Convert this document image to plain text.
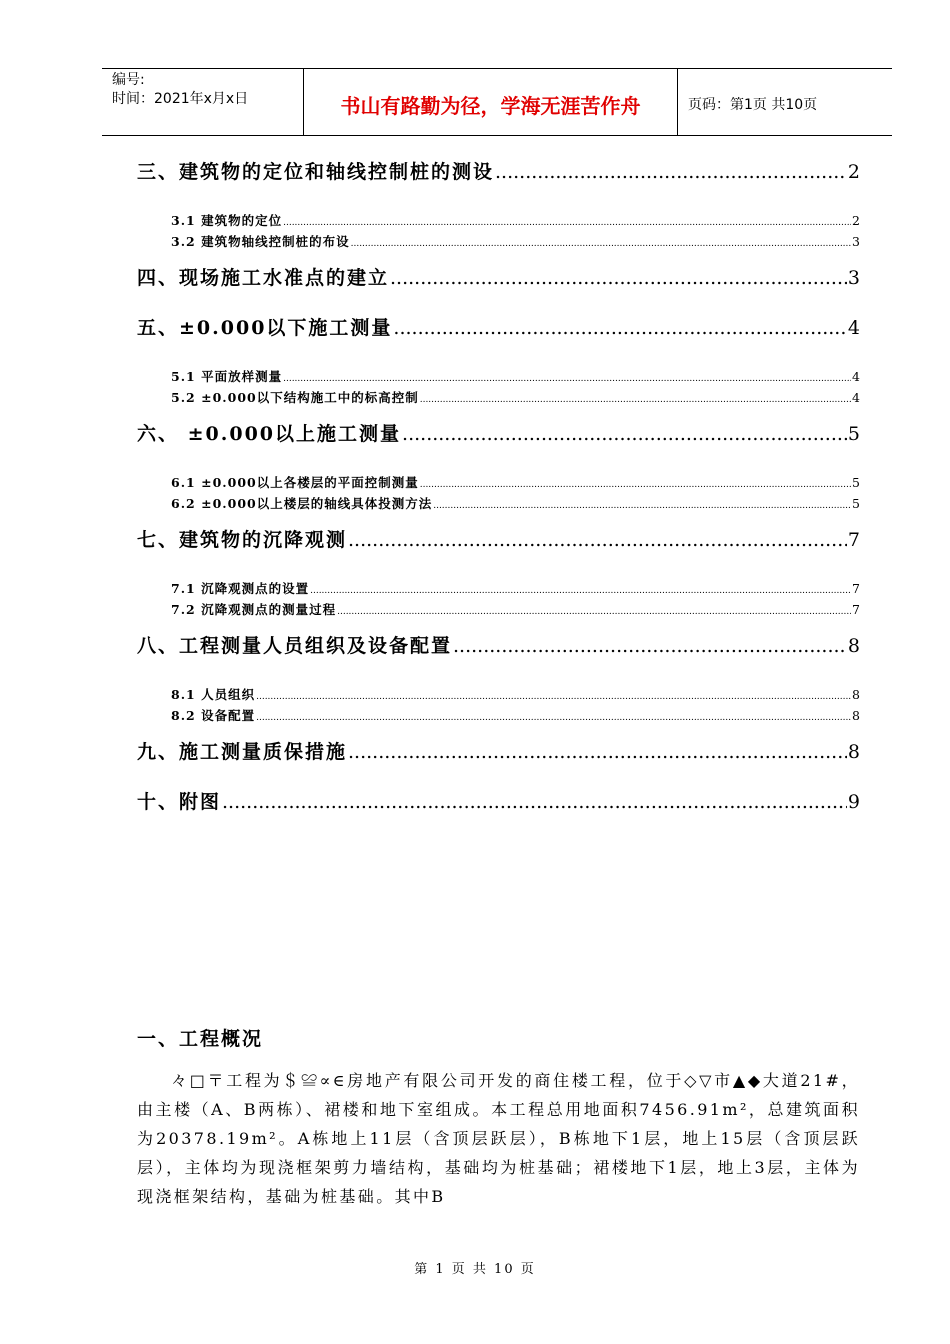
编号:
时间：2021年x月x日	书山有路勤为径，学海无涯苦作舟	页码：第1页 共10页
三、建筑物的定位和轴线控制桩的测设 .....	2
3.1 建筑物的定位 .....	2
3.2 建筑物轴线控制桩的布设 .....	3
四、现场施工水准点的建立 .....	3
五、±0.000以下施工测量 .....	4
5.1 平面放样测量 .....	4
5.2 ±0.000以下结构施工中的标高控制 .....	4
六、 ±0.000以上施工测量 .....	5
6.1 ±0.000以上各楼层的平面控制测量 .....	5
6.2 ±0.000以上楼层的轴线具体投测方法 .....	5
七、建筑物的沉降观测 .....	7
7.1 沉降观测点的设置 .....	7
7.2 沉降观测点的测量过程 .....	7
八、工程测量人员组织及设备配置 .....	8
8.1 人员组织 .....	8
8.2 设备配置 .....	8
九、施工测量质保措施 .....	8
十、附图 .....	9
一、工程概况

々□〒工程为＄≌∝∈房地产有限公司开发的商住楼工程，位于◇▽市▲◆大道21#，由主楼（A、B两栋）、裙楼和地下室组成。本工程总用地面积7456.91m²，总建筑面积为20378.19m²。A栋地上11层（含顶层跃层），B栋地下1层，地上15层（含顶层跃层），主体均为现浇框架剪力墙结构，基础均为桩基础；裙楼地下1层，地上3层，主体为现浇框架结构，基础为桩基础。其中B

第 1 页 共 10 页
